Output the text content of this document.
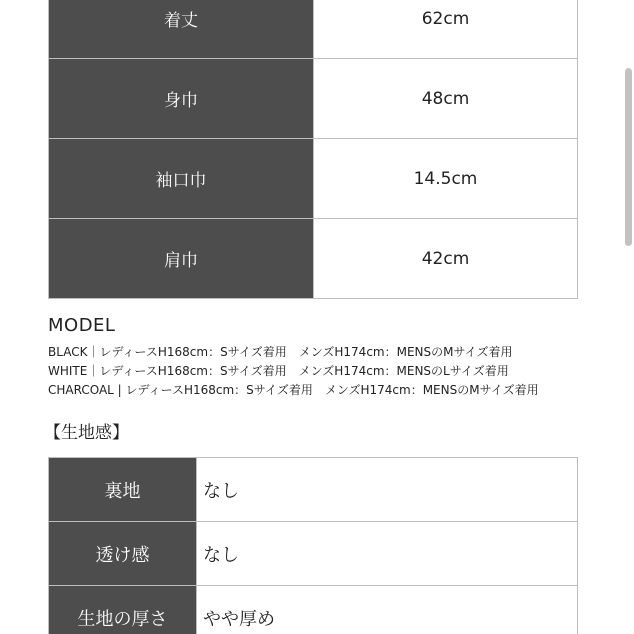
着丈	62cm
身巾	48cm
袖口巾	14.5cm
肩巾	42cm
MODEL
BLACK｜レディースH168cm：Sサイズ着用　メンズH174cm：MENSのMサイズ着用
WHITE｜レディースH168cm：Sサイズ着用　メンズH174cm：MENSのLサイズ着用
CHARCOAL | レディースH168cm：Sサイズ着用　メンズH174cm：MENSのMサイズ着用
【生地感】
裏地	なし
透け感	なし
生地の厚さ	やや厚め
